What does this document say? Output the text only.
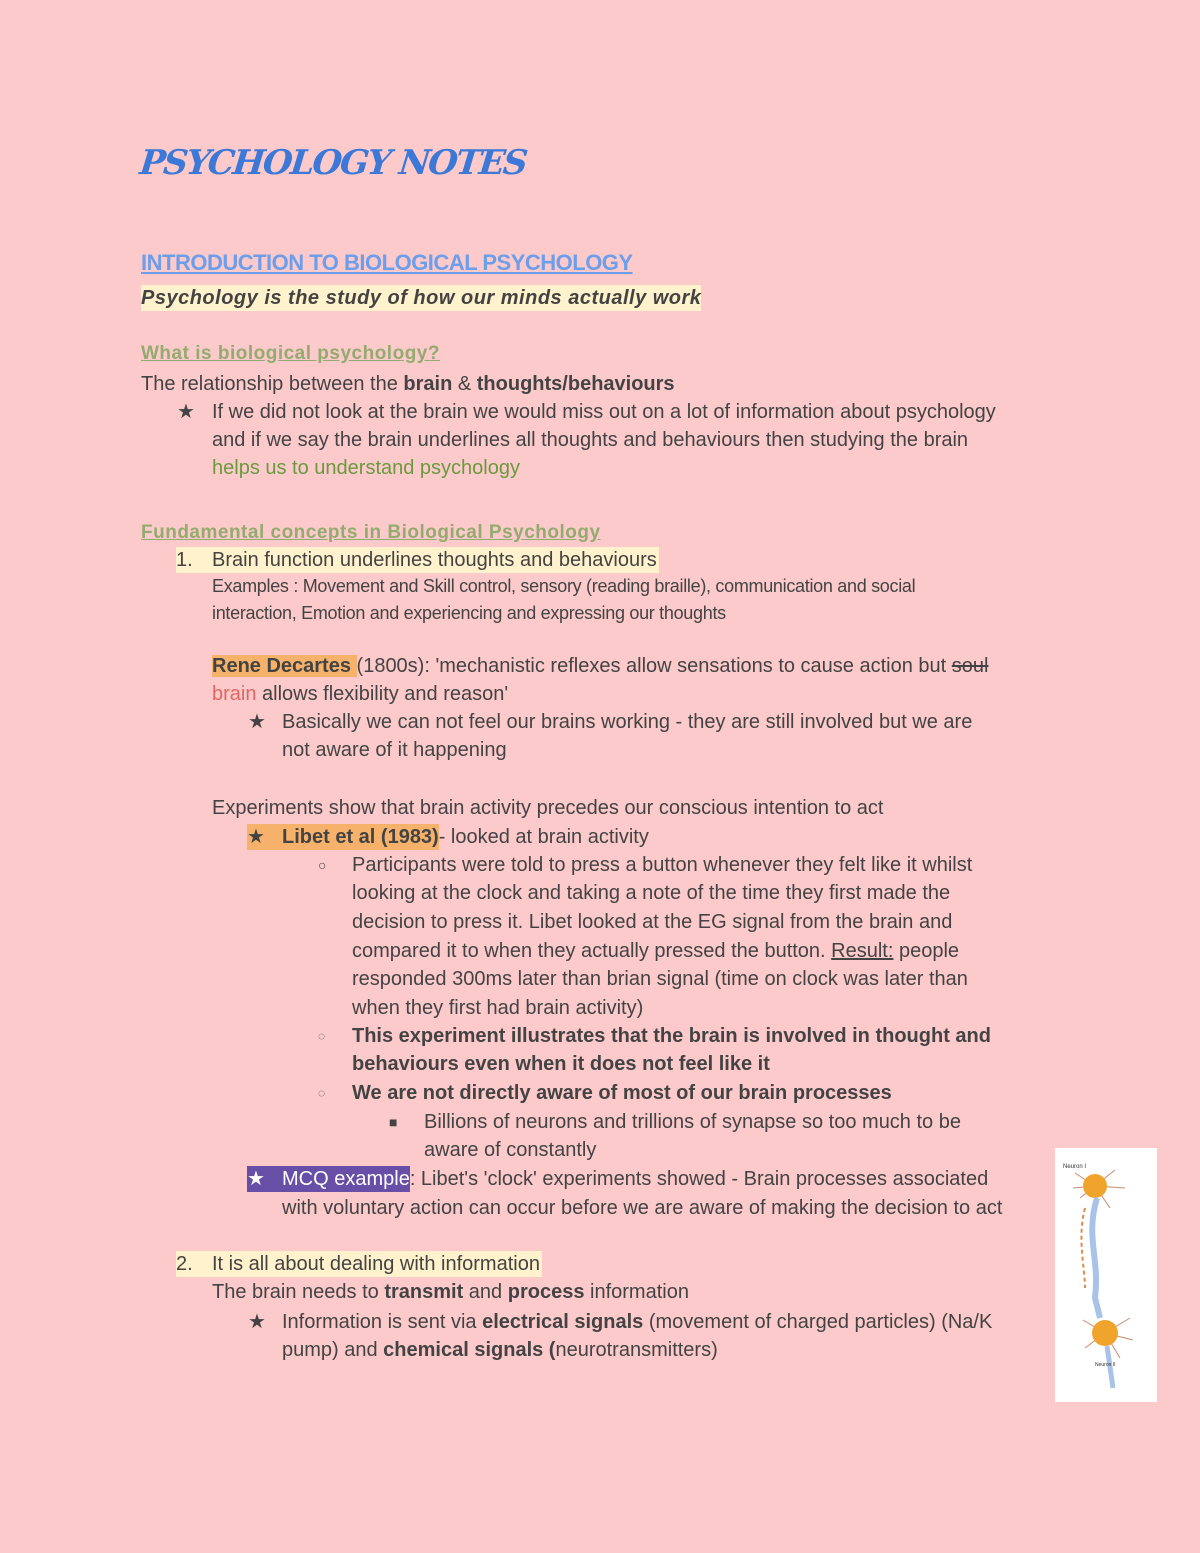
PSYCHOLOGY NOTES
INTRODUCTION TO BIOLOGICAL PSYCHOLOGY
Psychology is the study of how our minds actually work
What is biological psychology?
The relationship between the brain & thoughts/behaviours
★ If we did not look at the brain we would miss out on a lot of information about psychology
and if we say the brain underlines all thoughts and behaviours then studying the brain
helps us to understand psychology
Fundamental concepts in Biological Psychology
1. Brain function underlines thoughts and behaviours
Examples : Movement and Skill control, sensory (reading braille), communication and social
interaction, Emotion and experiencing and expressing our thoughts
Rene Decartes (1800s): 'mechanistic reflexes allow sensations to cause action but soul
brain allows flexibility and reason'
★ Basically we can not feel our brains working - they are still involved but we are
not aware of it happening
Experiments show that brain activity precedes our conscious intention to act
★ Libet et al (1983)- looked at brain activity
○ Participants were told to press a button whenever they felt like it whilst
looking at the clock and taking a note of the time they first made the
decision to press it. Libet looked at the EG signal from the brain and
compared it to when they actually pressed the button. Result: people
responded 300ms later than brian signal (time on clock was later than
when they first had brain activity)
◌ This experiment illustrates that the brain is involved in thought and
behaviours even when it does not feel like it
◌ We are not directly aware of most of our brain processes
■ Billions of neurons and trillions of synapse so too much to be
aware of constantly
★ MCQ example: Libet's 'clock' experiments showed - Brain processes associated
with voluntary action can occur before we are aware of making the decision to act
2. It is all about dealing with information
The brain needs to transmit and process information
★ Information is sent via electrical signals (movement of charged particles) (Na/K
pump) and chemical signals (neurotransmitters)
Neuron I
Neuron II
